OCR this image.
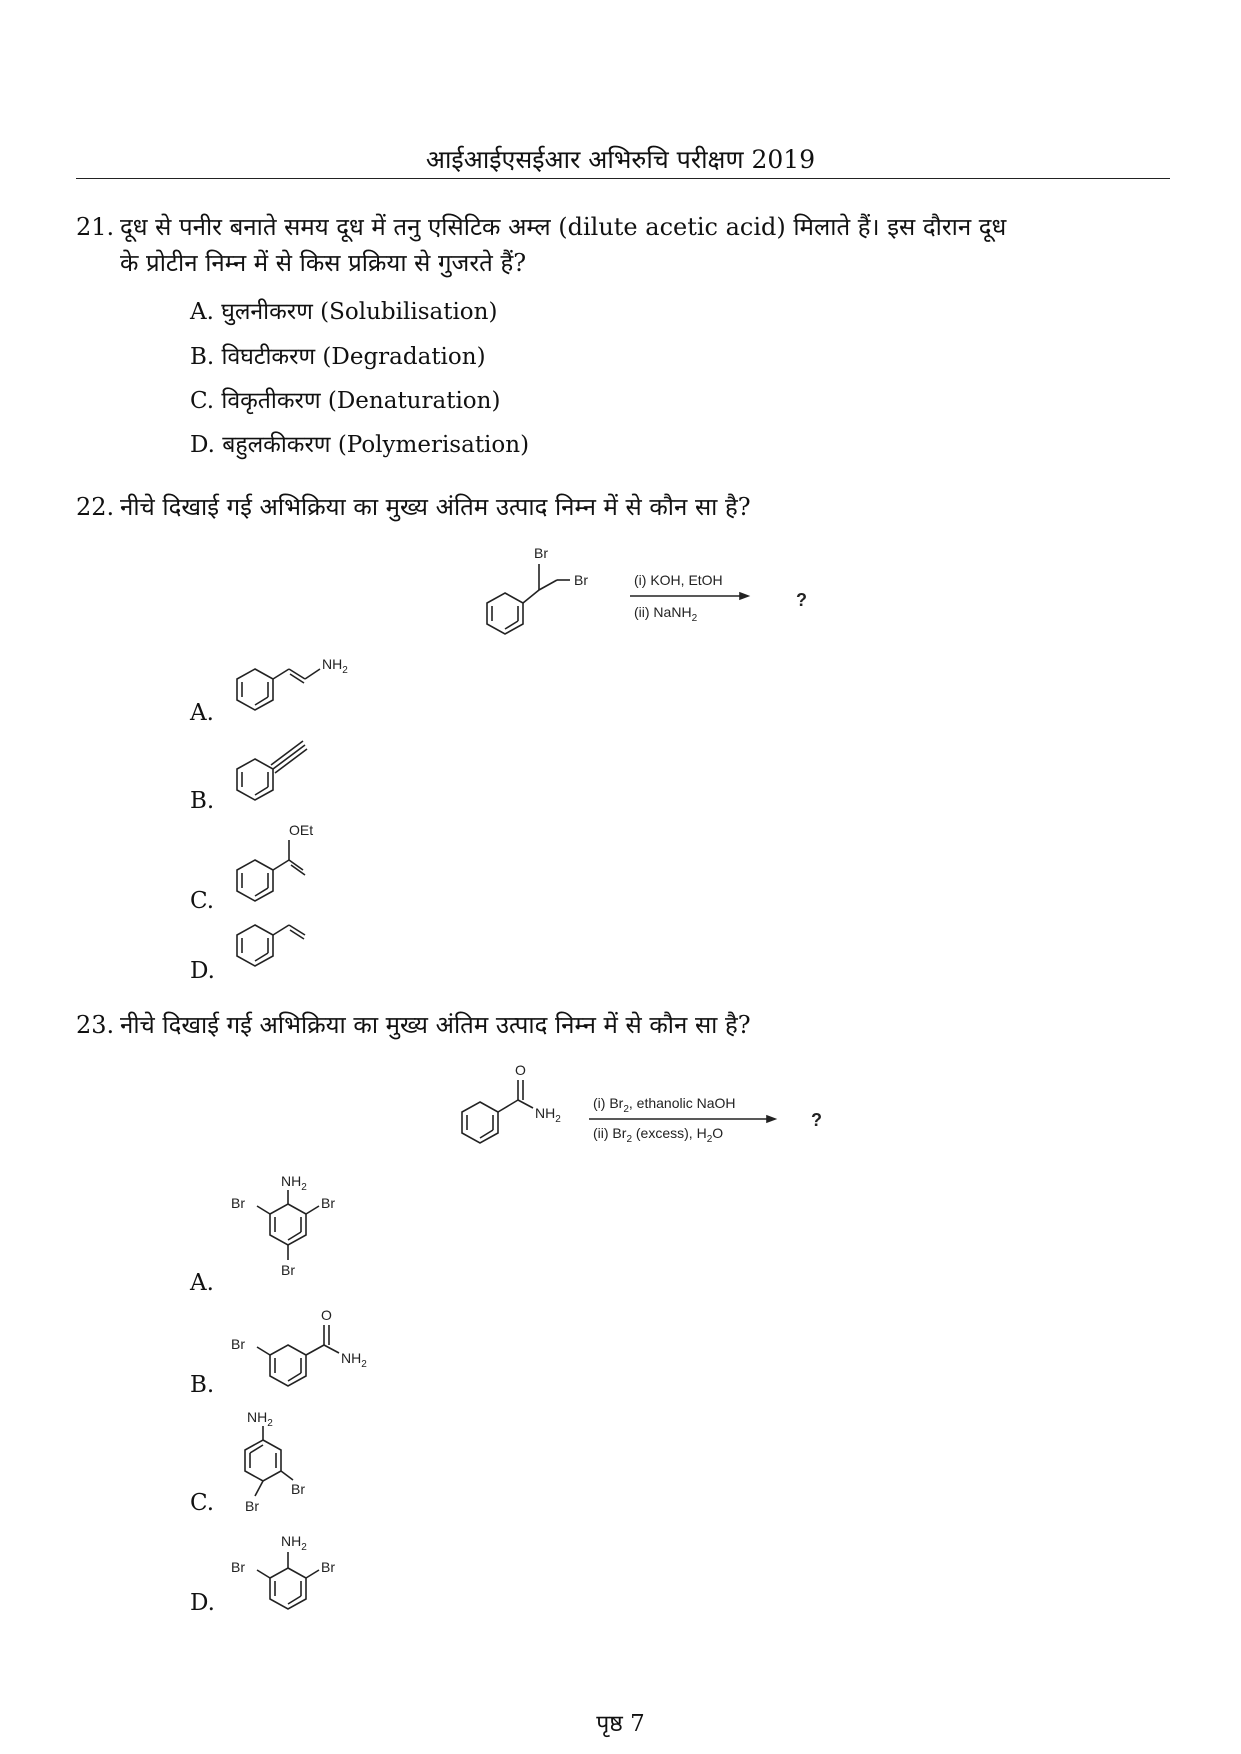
आईआईएसईआर अभिरुचि परीक्षण 2019
21. दूध से पनीर बनाते समय दूध में तनु एसिटिक अम्ल (dilute acetic acid) मिलाते हैं। इस दौरान दूध
के प्रोटीन निम्न में से किस प्रक्रिया से गुजरते हैं?
A. घुलनीकरण (Solubilisation)
B. विघटीकरण (Degradation)
C. विकृतीकरण (Denaturation)
D. बहुलकीकरण (Polymerisation)
22. नीचे दिखाई गई अभिक्रिया का मुख्य अंतिम उत्पाद निम्न में से कौन सा है?
Br
Br	(i) KOH, EtOH
(ii) NaNH$_2$
?
A.
$NH_2$
B.
C.
OEt
D.
23. नीचे दिखाई गई अभिक्रिया का मुख्य अंतिम उत्पाद निम्न में से कौन सा है?
O
$NH_2$
(i) $Br_2$, ethanolic NaOH
(ii) $Br_2$ (excess), $H_2O$
?
A.
$NH_2$
Br	Br
Br
B.
Br
O
$NH_2$
C.
$NH_2$
Br
Br
D.
$NH_2$
Br	Br
पृष्ठ 7
